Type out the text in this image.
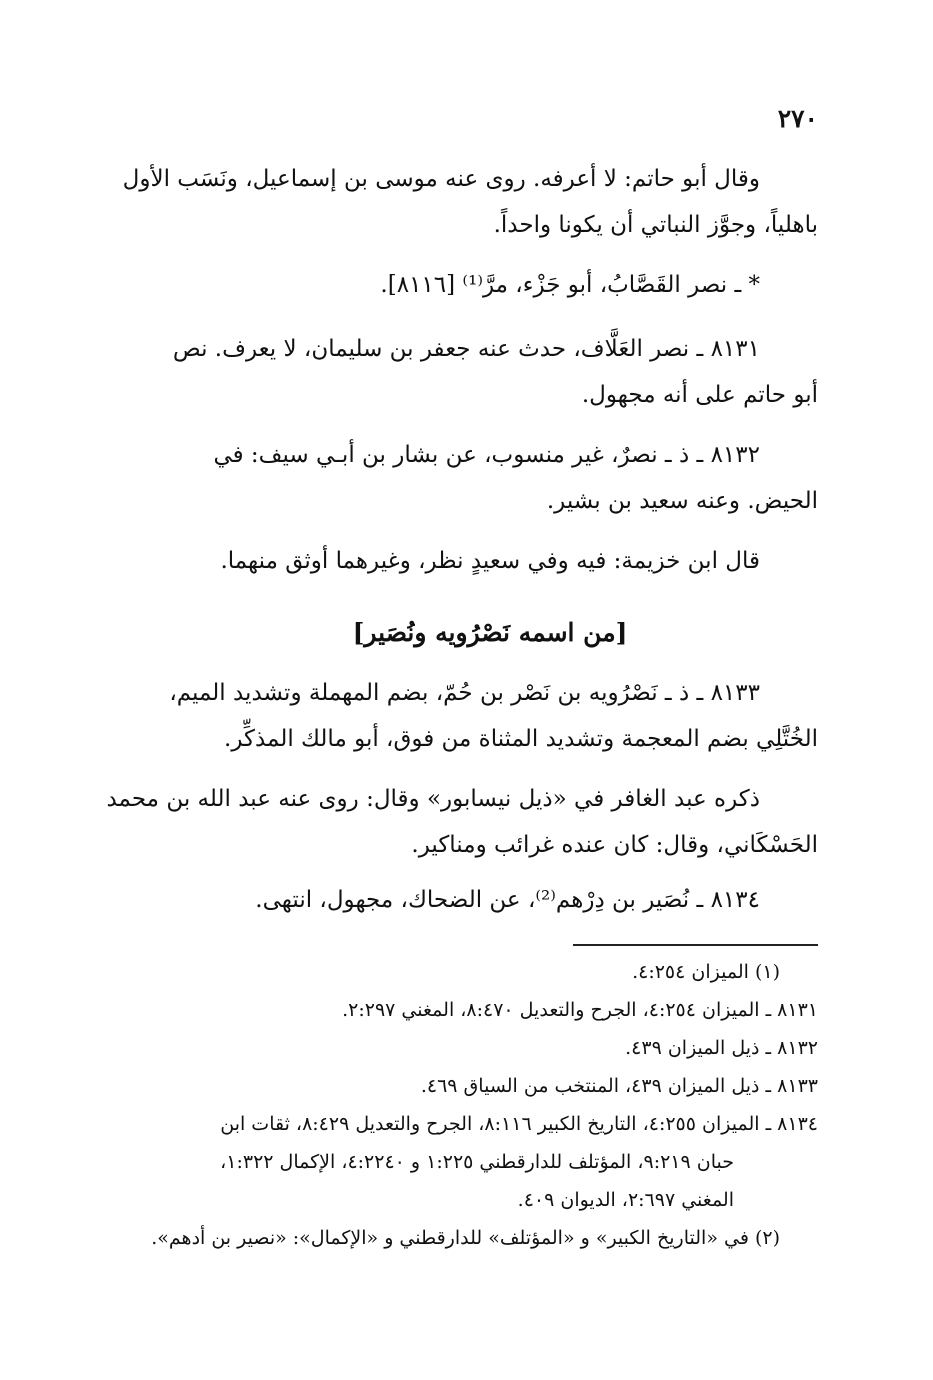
٢٧٠
وقال أبو حاتم: لا أعرفه. روى عنه موسى بن إسماعيل، ونَسَب الأول
باهلياً، وجوَّز النباتي أن يكونا واحداً.
* ـ نصر القَصَّابُ، أبو جَزْء، مرَّ⁽¹⁾ [٨١١٦].
٨١٣١ ـ نصر العَلَّاف، حدث عنه جعفر بن سليمان، لا يعرف. نص
أبو حاتم على أنه مجهول.
٨١٣٢ ـ ذ ـ نصرٌ، غير منسوب، عن بشار بن أبـي سيف: في
الحيض. وعنه سعيد بن بشير.
قال ابن خزيمة: فيه وفي سعيدٍ نظر، وغيرهما أوثق منهما.
[من اسمه نَصْرُويه ونُصَير]
٨١٣٣ ـ ذ ـ نَصْرُويه بن نَصْر بن حُمّ، بضم المهملة وتشديد الميم،
الخُتَّلِي بضم المعجمة وتشديد المثناة من فوق، أبو مالك المذكِّر.
ذكره عبد الغافر في «ذيل نيسابور» وقال: روى عنه عبد الله بن محمد
الحَسْكَاني، وقال: كان عنده غرائب ومناكير.
٨١٣٤ ـ نُصَير بن دِرْهم⁽²⁾، عن الضحاك، مجهول، انتهى.
(١) الميزان ٤:٢٥٤.
٨١٣١ ـ الميزان ٤:٢٥٤، الجرح والتعديل ٨:٤٧٠، المغني ٢:٢٩٧.
٨١٣٢ ـ ذيل الميزان ٤٣٩.
٨١٣٣ ـ ذيل الميزان ٤٣٩، المنتخب من السياق ٤٦٩.
٨١٣٤ ـ الميزان ٤:٢٥٥، التاريخ الكبير ٨:١١٦، الجرح والتعديل ٨:٤٢٩، ثقات ابن
حبان ٩:٢١٩، المؤتلف للدارقطني ١:٢٢٥ و ٤:٢٢٤٠، الإكمال ١:٣٢٢،
المغني ٢:٦٩٧، الديوان ٤٠٩.
(٢) في «التاريخ الكبير» و «المؤتلف» للدارقطني و «الإكمال»: «نصير بن أدهم».
